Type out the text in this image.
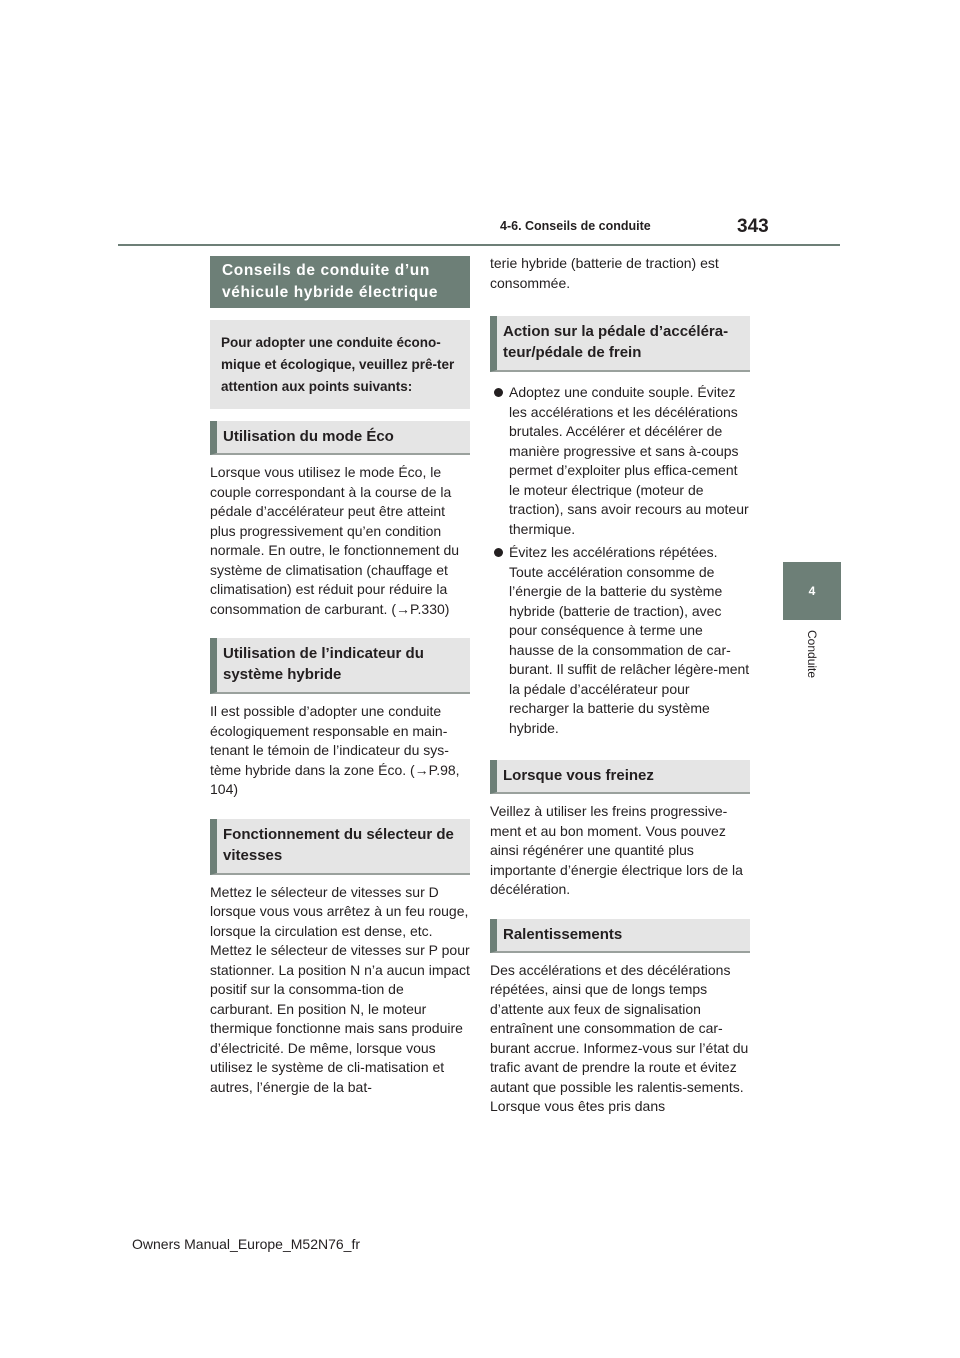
4-6. Conseils de conduite	343
4
Conduite
Conseils de conduite d’un véhicule hybride électrique
Pour adopter une conduite écono-mique et écologique, veuillez prê-ter attention aux points suivants:
Utilisation du mode Éco

Lorsque vous utilisez le mode Éco, le couple correspondant à la course de la pédale d’accélérateur peut être atteint plus progressivement qu’en condition normale. En outre, le fonctionnement du système de climatisation (chauffage et climatisation) est réduit pour réduire la consommation de carburant. (→P.330)

Utilisation de l’indicateur du système hybride

Il est possible d’adopter une conduite écologiquement responsable en main-tenant le témoin de l’indicateur du sys-tème hybride dans la zone Éco. (→P.98, 104)

Fonctionnement du sélecteur de vitesses

Mettez le sélecteur de vitesses sur D lorsque vous vous arrêtez à un feu rouge, lorsque la circulation est dense, etc. Mettez le sélecteur de vitesses sur P pour stationner. La position N n’a aucun impact positif sur la consomma-tion de carburant. En position N, le moteur thermique fonctionne mais sans produire d’électricité. De même, lorsque vous utilisez le système de cli-matisation et autres, l’énergie de la bat-

terie hybride (batterie de traction) est consommée.

Action sur la pédale d’accéléra-teur/pédale de frein
Adoptez une conduite souple. Évitez les accélérations et les décélérations brutales. Accélérer et décélérer de manière progressive et sans à-coups permet d’exploiter plus effica-cement le moteur électrique (moteur de traction), sans avoir recours au moteur thermique.
Évitez les accélérations répétées. Toute accélération consomme de l’énergie de la batterie du système hybride (batterie de traction), avec pour conséquence à terme une hausse de la consommation de car-burant. Il suffit de relâcher légère-ment la pédale d’accélérateur pour recharger la batterie du système hybride.
Lorsque vous freinez

Veillez à utiliser les freins progressive-ment et au bon moment. Vous pouvez ainsi régénérer une quantité plus importante d’énergie électrique lors de la décélération.

Ralentissements

Des accélérations et des décélérations répétées, ainsi que de longs temps d’attente aux feux de signalisation entraînent une consommation de car-burant accrue. Informez-vous sur l’état du trafic avant de prendre la route et évitez autant que possible les ralentis-sements. Lorsque vous êtes pris dans

Owners Manual_Europe_M52N76_fr
